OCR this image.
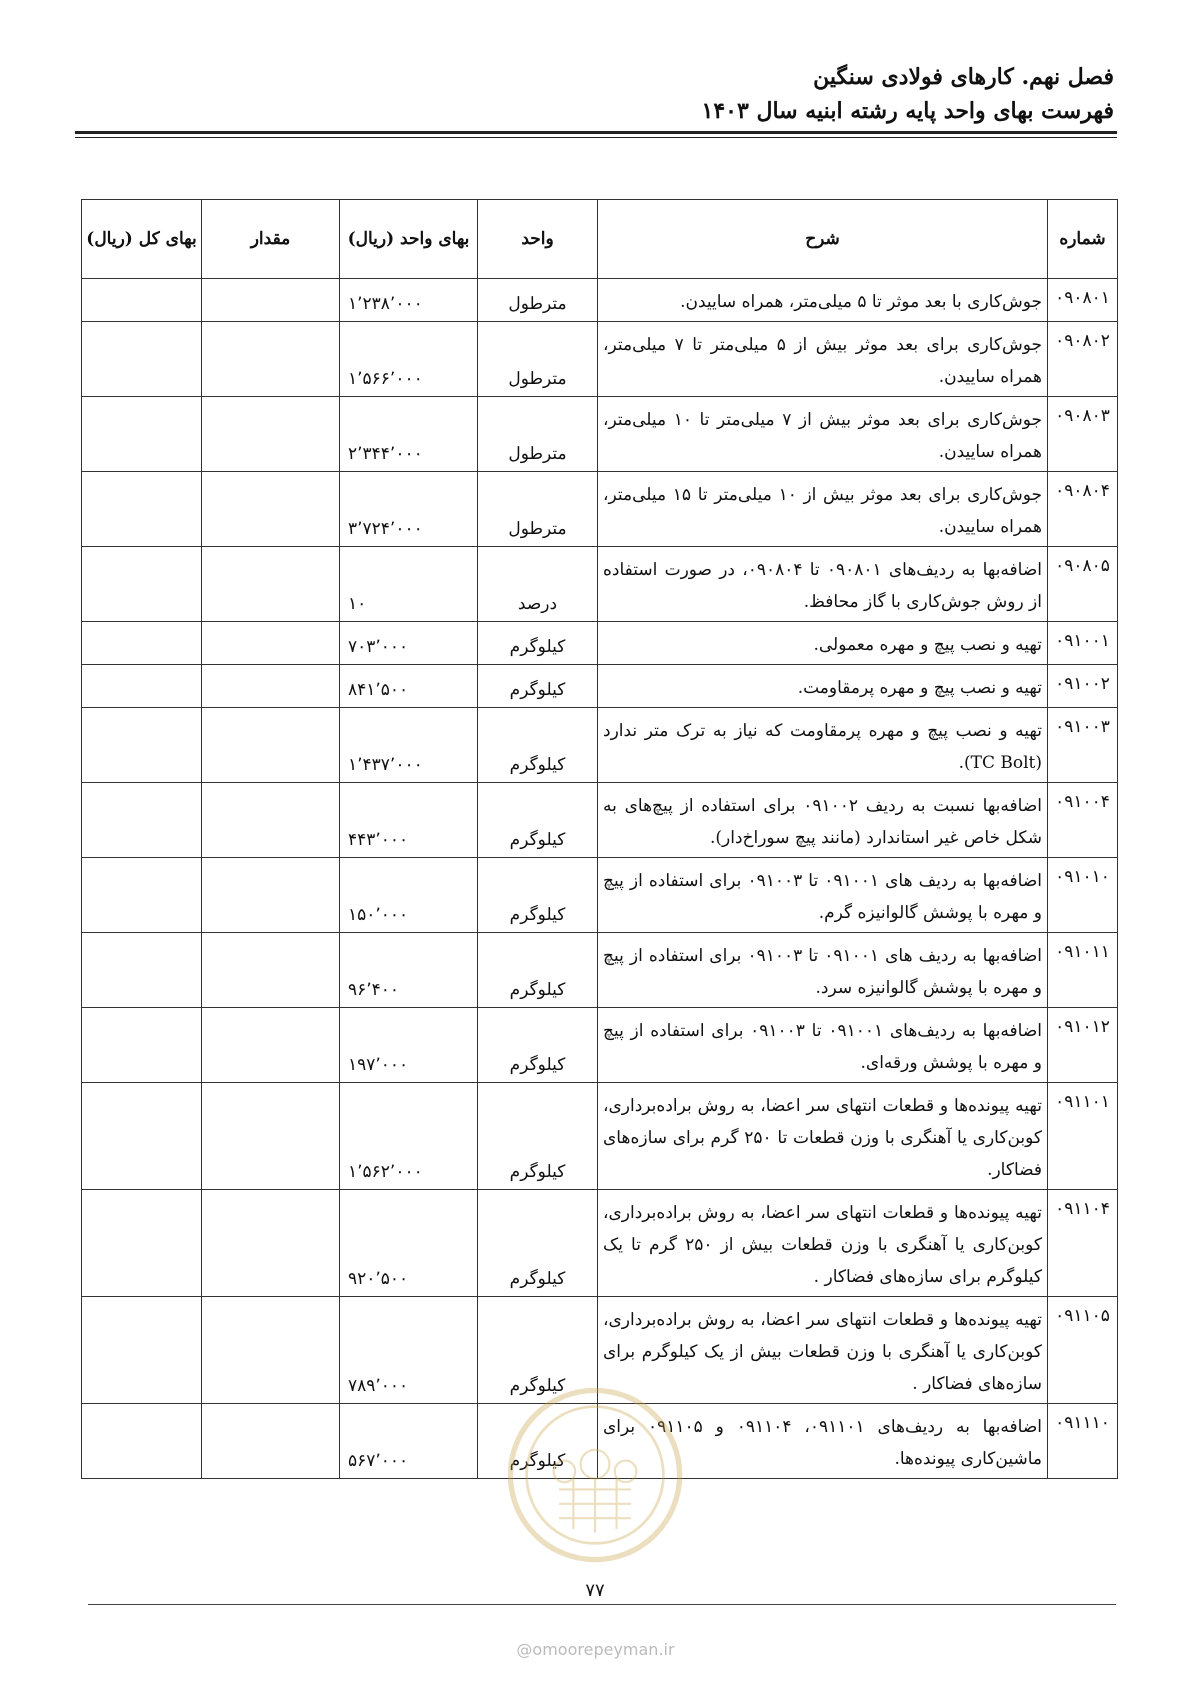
فصل نهم. کارهای فولادی سنگین
فهرست بهای واحد پایه رشته ابنیه سال ۱۴۰۳
شماره	شرح	واحد	بهای واحد (ریال)	مقدار	بهای کل (ریال)
۰۹۰۸۰۱	جوش‌کاری با بعد موثر تا ۵ میلی‌متر، همراه ساییدن.	مترطول	۱٬۲۳۸٬۰۰۰		
۰۹۰۸۰۲	جوش‌کاری برای بعد موثر بیش از ۵ میلی‌متر تا ۷ میلی‌متر، همراه ساییدن.	مترطول	۱٬۵۶۶٬۰۰۰		
۰۹۰۸۰۳	جوش‌کاری برای بعد موثر بیش از ۷ میلی‌متر تا ۱۰ میلی‌متر، همراه ساییدن.	مترطول	۲٬۳۴۴٬۰۰۰		
۰۹۰۸۰۴	جوش‌کاری برای بعد موثر بیش از ۱۰ میلی‌متر تا ۱۵ میلی‌متر، همراه ساییدن.	مترطول	۳٬۷۲۴٬۰۰۰		
۰۹۰۸۰۵	اضافه‌بها به ردیف‌های ۰۹۰۸۰۱ تا ۰۹۰۸۰۴، در صورت استفاده از روش جوش‌کاری با گاز محافظ.	درصد	۱۰		
۰۹۱۰۰۱	تهیه و نصب پیچ و مهره معمولی.	کیلوگرم	۷۰۳٬۰۰۰		
۰۹۱۰۰۲	تهیه و نصب پیچ و مهره پرمقاومت.	کیلوگرم	۸۴۱٬۵۰۰		
۰۹۱۰۰۳	تهیه و نصب پیچ و مهره پرمقاومت که نیاز به ترک متر ندارد (TC Bolt).	کیلوگرم	۱٬۴۳۷٬۰۰۰		
۰۹۱۰۰۴	اضافه‌بها نسبت به ردیف ۰۹۱۰۰۲ برای استفاده از پیچ‌های به شکل خاص غیر استاندارد (مانند پیچ سوراخ‌دار).	کیلوگرم	۴۴۳٬۰۰۰		
۰۹۱۰۱۰	اضافه‌بها به ردیف های ۰۹۱۰۰۱ تا ۰۹۱۰۰۳ برای استفاده از پیچ و مهره با پوشش گالوانیزه گرم.	کیلوگرم	۱۵۰٬۰۰۰		
۰۹۱۰۱۱	اضافه‌بها به ردیف های ۰۹۱۰۰۱ تا ۰۹۱۰۰۳ برای استفاده از پیچ و مهره با پوشش گالوانیزه سرد.	کیلوگرم	۹۶٬۴۰۰		
۰۹۱۰۱۲	اضافه‌بها به ردیف‌های ۰۹۱۰۰۱ تا ۰۹۱۰۰۳ برای استفاده از پیچ و مهره با پوشش ورقه‌ای.	کیلوگرم	۱۹۷٬۰۰۰		
۰۹۱۱۰۱	تهیه پیونده‌ها و قطعات انتهای سر اعضا، به روش براده‌برداری، کوبن‌کاری یا آهنگری با وزن قطعات تا ۲۵۰ گرم برای سازه‌های فضاکار.	کیلوگرم	۱٬۵۶۲٬۰۰۰		
۰۹۱۱۰۴	تهیه پیونده‌ها و قطعات انتهای سر اعضا، به روش براده‌برداری، کوبن‌کاری یا آهنگری با وزن قطعات بیش از ۲۵۰ گرم تا یک کیلوگرم برای سازه‌های فضاکار .	کیلوگرم	۹۲۰٬۵۰۰		
۰۹۱۱۰۵	تهیه پیونده‌ها و قطعات انتهای سر اعضا، به روش براده‌برداری، کوبن‌کاری یا آهنگری با وزن قطعات بیش از یک کیلوگرم برای سازه‌های فضاکار .	کیلوگرم	۷۸۹٬۰۰۰		
۰۹۱۱۱۰	اضافه‌بها به ردیف‌های ۰۹۱۱۰۱، ۰۹۱۱۰۴ و ۰۹۱۱۰۵ برای ماشین‌کاری پیونده‌ها.	کیلوگرم	۵۶۷٬۰۰۰		
۷۷
@omoorepeyman.ir
